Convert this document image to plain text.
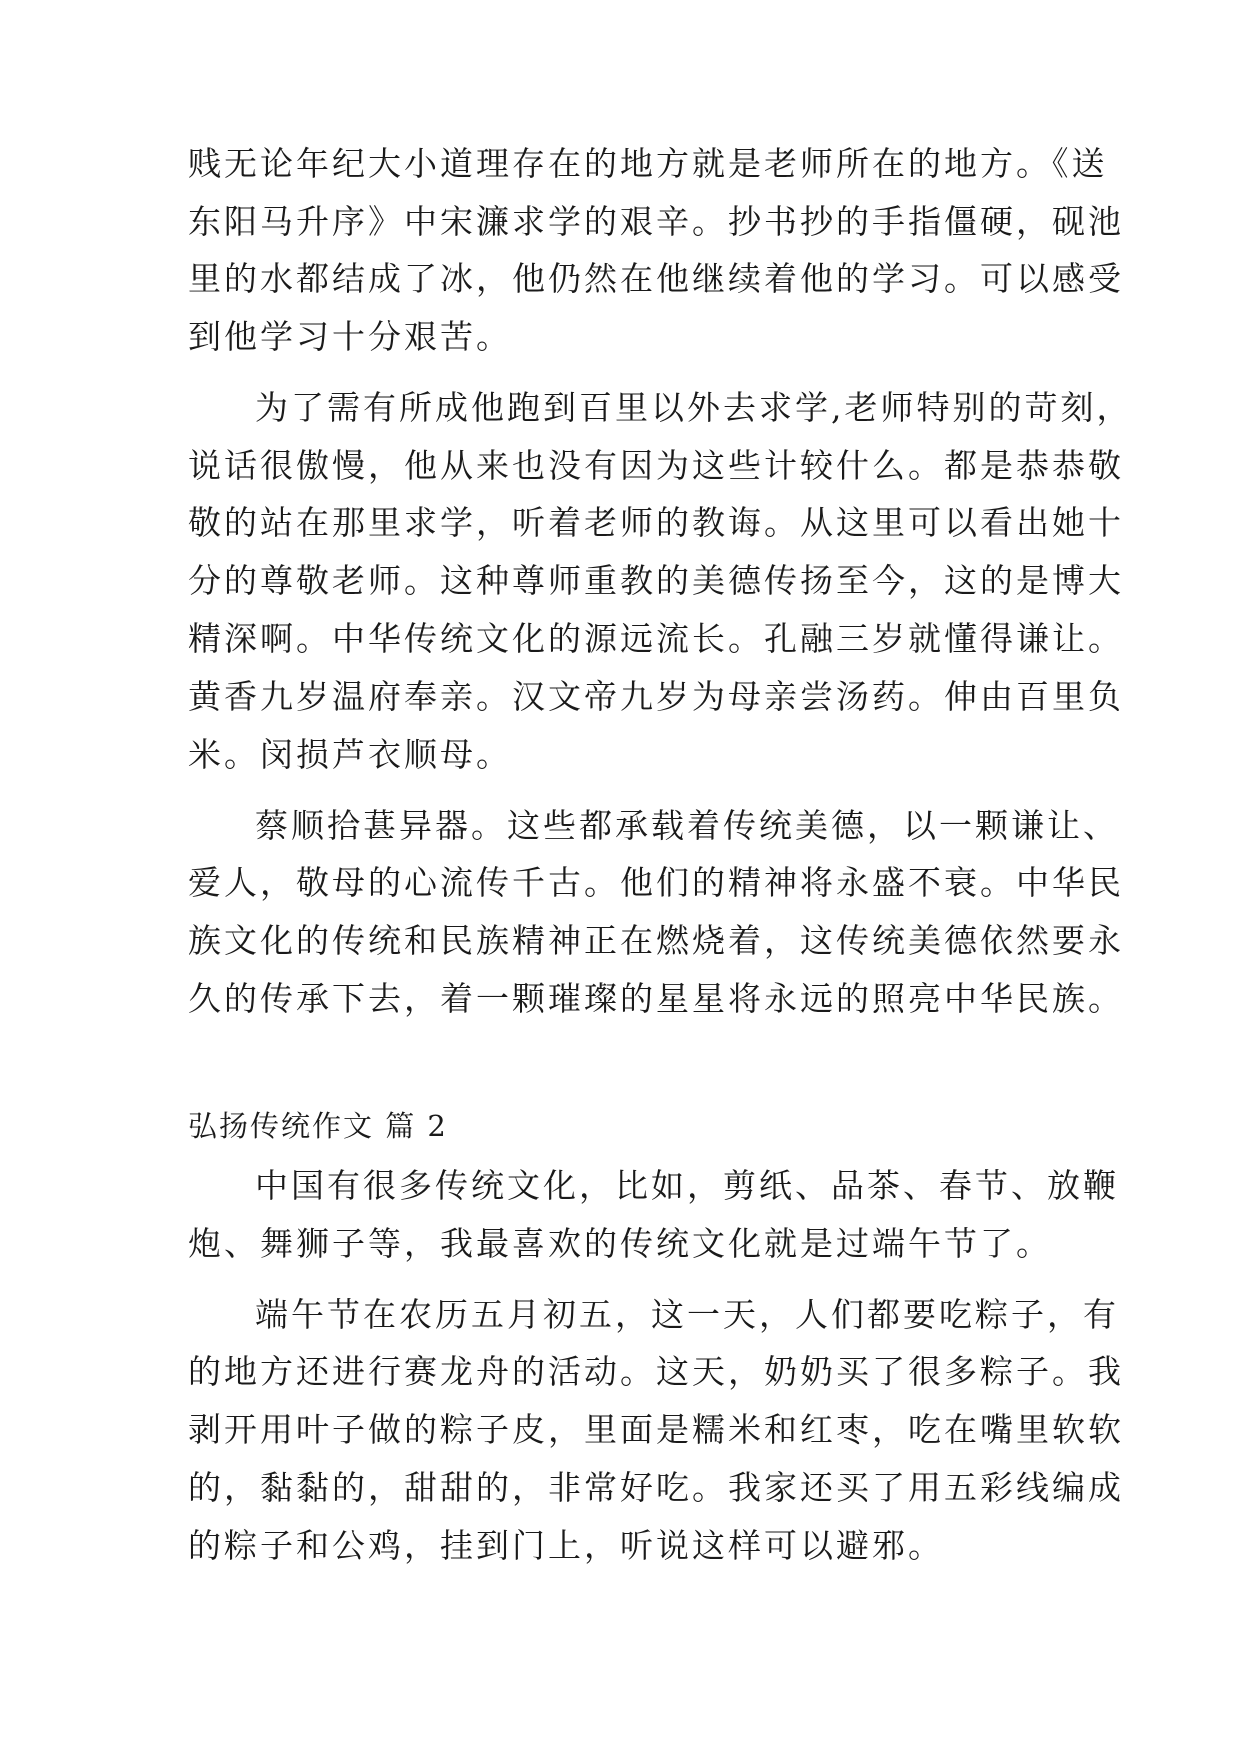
贱无论年纪大小道理存在的地方就是老师所在的地方。《送
东阳马升序》中宋濂求学的艰辛。抄书抄的手指僵硬，砚池
里的水都结成了冰，他仍然在他继续着他的学习。可以感受
到他学习十分艰苦。
为了需有所成他跑到百里以外去求学,老师特别的苛刻，
说话很傲慢，他从来也没有因为这些计较什么。都是恭恭敬
敬的站在那里求学，听着老师的教诲。从这里可以看出她十
分的尊敬老师。这种尊师重教的美德传扬至今，这的是博大
精深啊。中华传统文化的源远流长。孔融三岁就懂得谦让。
黄香九岁温府奉亲。汉文帝九岁为母亲尝汤药。伸由百里负
米。闵损芦衣顺母。
蔡顺拾葚异器。这些都承载着传统美德，以一颗谦让、
爱人，敬母的心流传千古。他们的精神将永盛不衰。中华民
族文化的传统和民族精神正在燃烧着，这传统美德依然要永
久的传承下去，着一颗璀璨的星星将永远的照亮中华民族。
弘扬传统作文 篇 2
中国有很多传统文化，比如，剪纸、品茶、春节、放鞭
炮、舞狮子等，我最喜欢的传统文化就是过端午节了。
端午节在农历五月初五，这一天，人们都要吃粽子，有
的地方还进行赛龙舟的活动。这天，奶奶买了很多粽子。我
剥开用叶子做的粽子皮，里面是糯米和红枣，吃在嘴里软软
的，黏黏的，甜甜的，非常好吃。我家还买了用五彩线编成
的粽子和公鸡，挂到门上，听说这样可以避邪。
